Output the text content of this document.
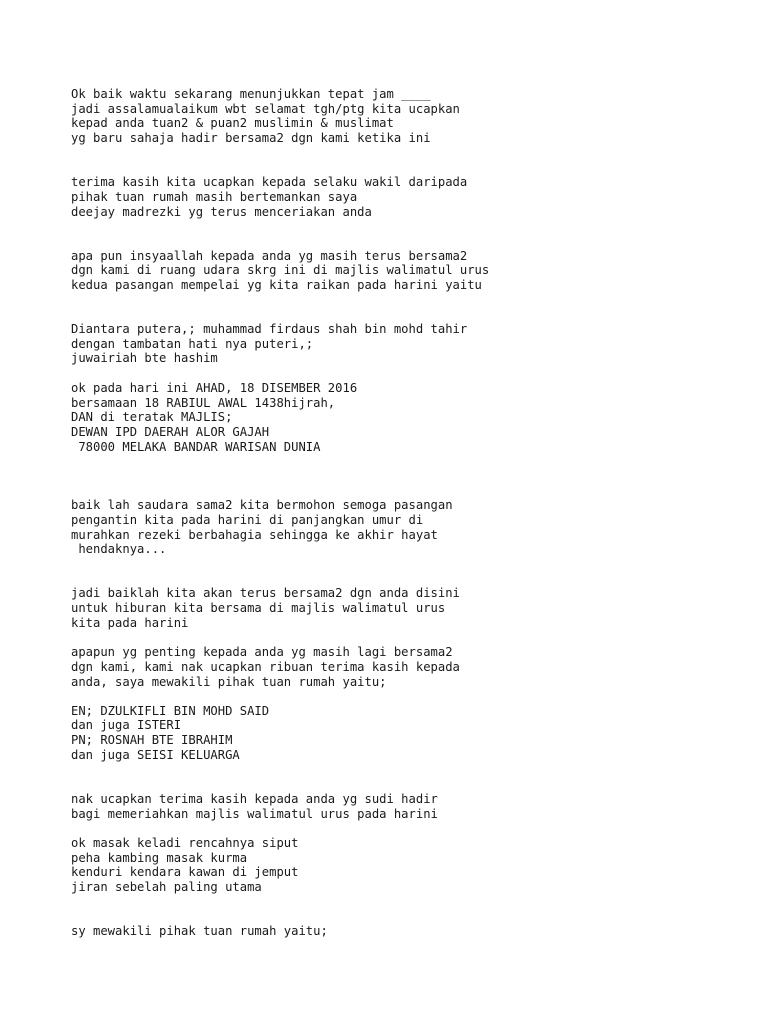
Ok baik waktu sekarang menunjukkan tepat jam ____
jadi assalamualaikum wbt selamat tgh/ptg kita ucapkan
kepad anda tuan2 & puan2 muslimin & muslimat
yg baru sahaja hadir bersama2 dgn kami ketika ini
terima kasih kita ucapkan kepada selaku wakil daripada
pihak tuan rumah masih bertemankan saya
deejay madrezki yg terus menceriakan anda
apa pun insyaallah kepada anda yg masih terus bersama2
dgn kami di ruang udara skrg ini di majlis walimatul urus
kedua pasangan mempelai yg kita raikan pada harini yaitu
Diantara putera,; muhammad firdaus shah bin mohd tahir
dengan tambatan hati nya puteri,;
juwairiah bte hashim
ok pada hari ini AHAD, 18 DISEMBER 2016
bersamaan 18 RABIUL AWAL 1438hijrah,
DAN di teratak MAJLIS;
DEWAN IPD DAERAH ALOR GAJAH
78000 MELAKA BANDAR WARISAN DUNIA
baik lah saudara sama2 kita bermohon semoga pasangan
pengantin kita pada harini di panjangkan umur di
murahkan rezeki berbahagia sehingga ke akhir hayat
hendaknya...
jadi baiklah kita akan terus bersama2 dgn anda disini
untuk hiburan kita bersama di majlis walimatul urus
kita pada harini
apapun yg penting kepada anda yg masih lagi bersama2
dgn kami, kami nak ucapkan ribuan terima kasih kepada
anda, saya mewakili pihak tuan rumah yaitu;
EN; DZULKIFLI BIN MOHD SAID
dan juga ISTERI
PN; ROSNAH BTE IBRAHIM
dan juga SEISI KELUARGA
nak ucapkan terima kasih kepada anda yg sudi hadir
bagi memeriahkan majlis walimatul urus pada harini
ok masak keladi rencahnya siput
peha kambing masak kurma
kenduri kendara kawan di jemput
jiran sebelah paling utama
sy mewakili pihak tuan rumah yaitu;
